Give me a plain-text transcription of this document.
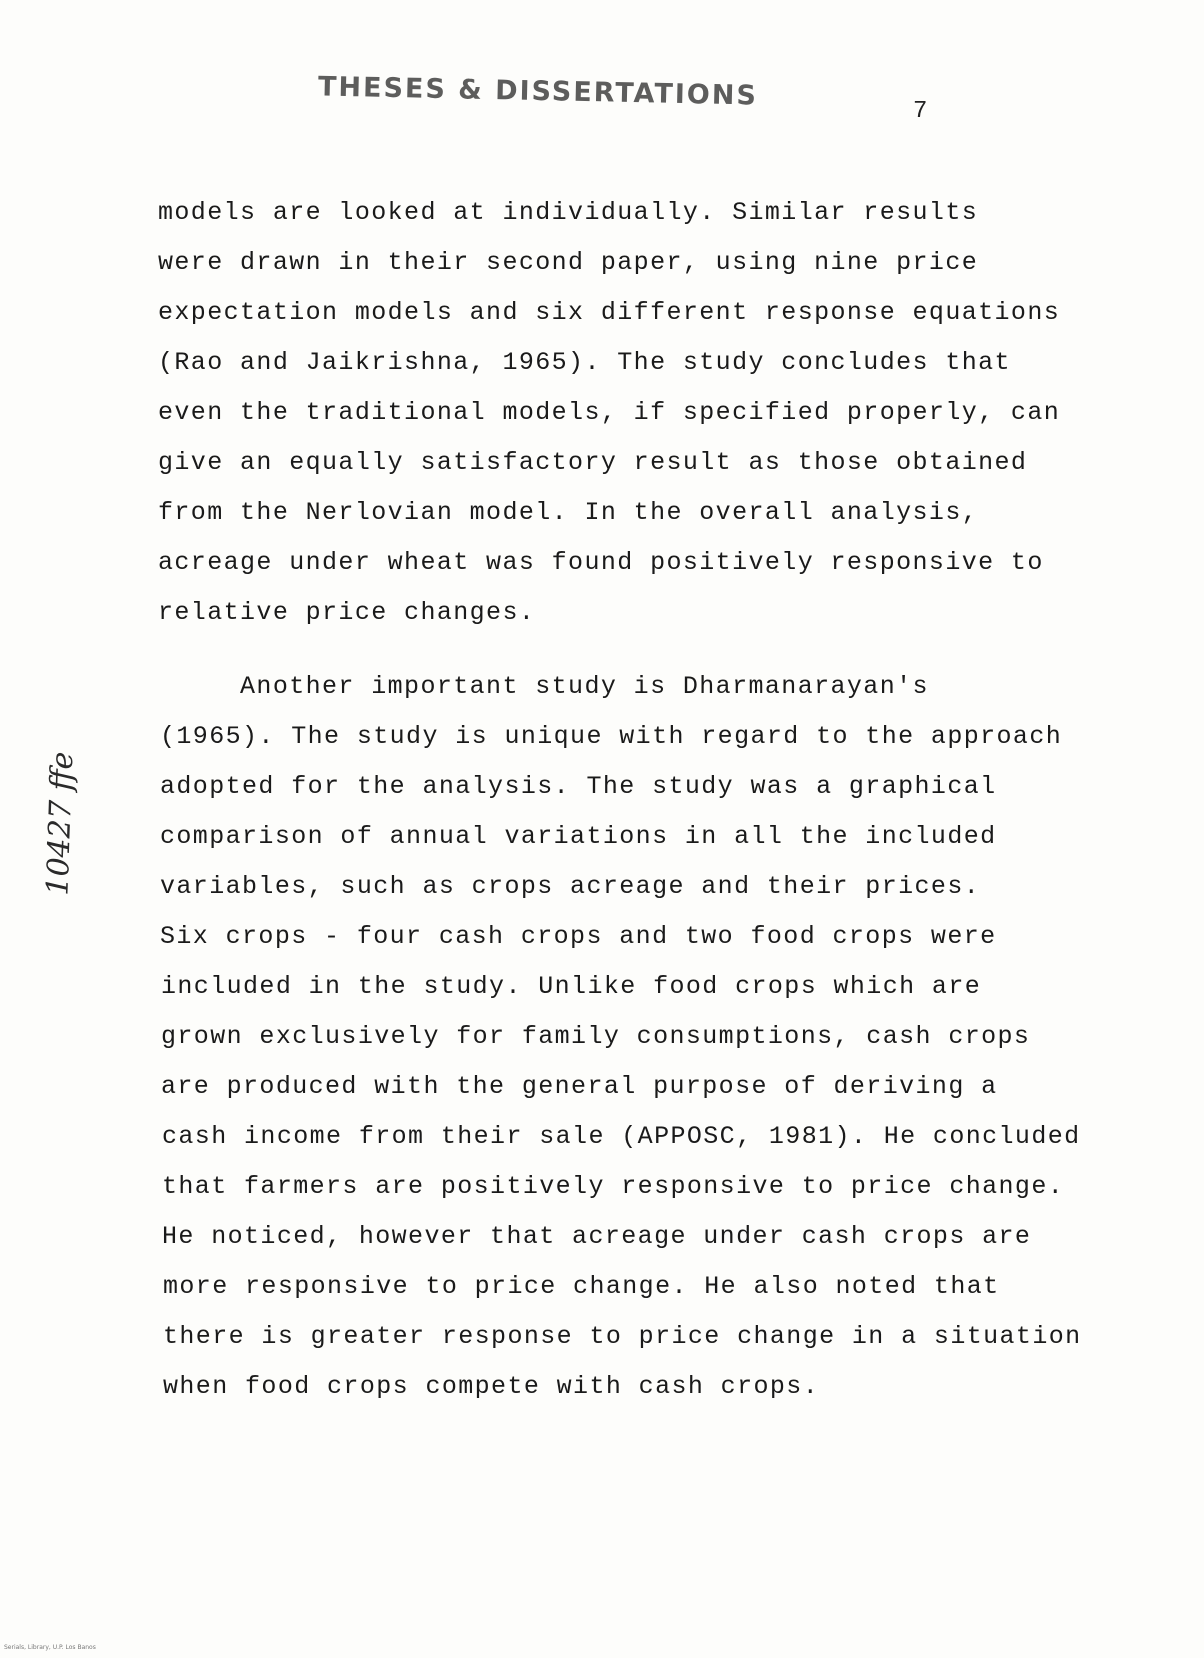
THESES & DISSERTATIONS	7
10427 ffe
models are looked at individually. Similar results
were drawn in their second paper, using nine price
expectation models and six different response equations
(Rao and Jaikrishna, 1965). The study concludes that
even the traditional models, if specified properly, can
give an equally satisfactory result as those obtained
from the Nerlovian model. In the overall analysis,
acreage under wheat was found positively responsive to
relative price changes.
Another important study is Dharmanarayan's
(1965). The study is unique with regard to the approach
adopted for the analysis. The study was a graphical
comparison of annual variations in all the included
variables, such as crops acreage and their prices.
Six crops - four cash crops and two food crops were
included in the study. Unlike food crops which are
grown exclusively for family consumptions, cash crops
are produced with the general purpose of deriving a
cash income from their sale (APPOSC, 1981). He concluded
that farmers are positively responsive to price change.
He noticed, however that acreage under cash crops are
more responsive to price change. He also noted that
there is greater response to price change in a situation
when food crops compete with cash crops.
Serials, Library, U.P. Los Banos
